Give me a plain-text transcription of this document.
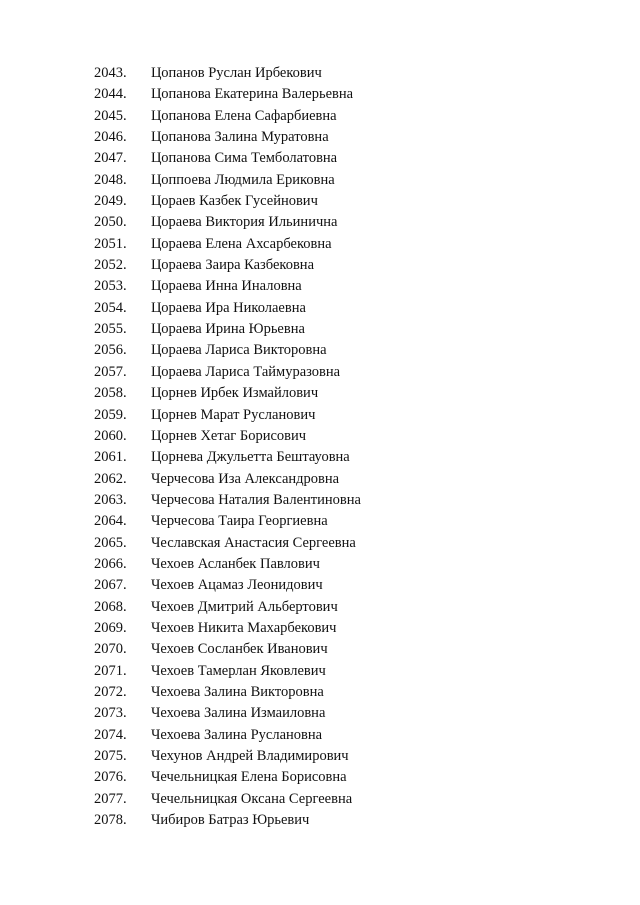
2043. Цопанов Руслан Ирбекович
2044. Цопанова Екатерина Валерьевна
2045. Цопанова Елена Сафарбиевна
2046. Цопанова Залина Муратовна
2047. Цопанова Сима Темболатовна
2048. Цоппоева Людмила Ериковна
2049. Цораев Казбек Гусейнович
2050. Цораева Виктория Ильинична
2051. Цораева Елена Ахсарбековна
2052. Цораева Заира Казбековна
2053. Цораева Инна Иналовна
2054. Цораева Ира Николаевна
2055. Цораева Ирина Юрьевна
2056. Цораева Лариса Викторовна
2057. Цораева Лариса Таймуразовна
2058. Цорнев Ирбек Измайлович
2059. Цорнев Марат Русланович
2060. Цорнев Хетаг Борисович
2061. Цорнева Джульетта Бештауовна
2062. Черчесова Иза Александровна
2063. Черчесова Наталия Валентиновна
2064. Черчесова Таира Георгиевна
2065. Чеславская Анастасия Сергеевна
2066. Чехоев Асланбек Павлович
2067. Чехоев Ацамаз Леонидович
2068. Чехоев Дмитрий Альбертович
2069. Чехоев Никита Махарбекович
2070. Чехоев Сосланбек Иванович
2071. Чехоев Тамерлан Яковлевич
2072. Чехоева Залина Викторовна
2073. Чехоева Залина Измаиловна
2074. Чехоева Залина Руслановна
2075. Чехунов Андрей Владимирович
2076. Чечельницкая Елена Борисовна
2077. Чечельницкая Оксана Сергеевна
2078. Чибиров Батраз Юрьевич
